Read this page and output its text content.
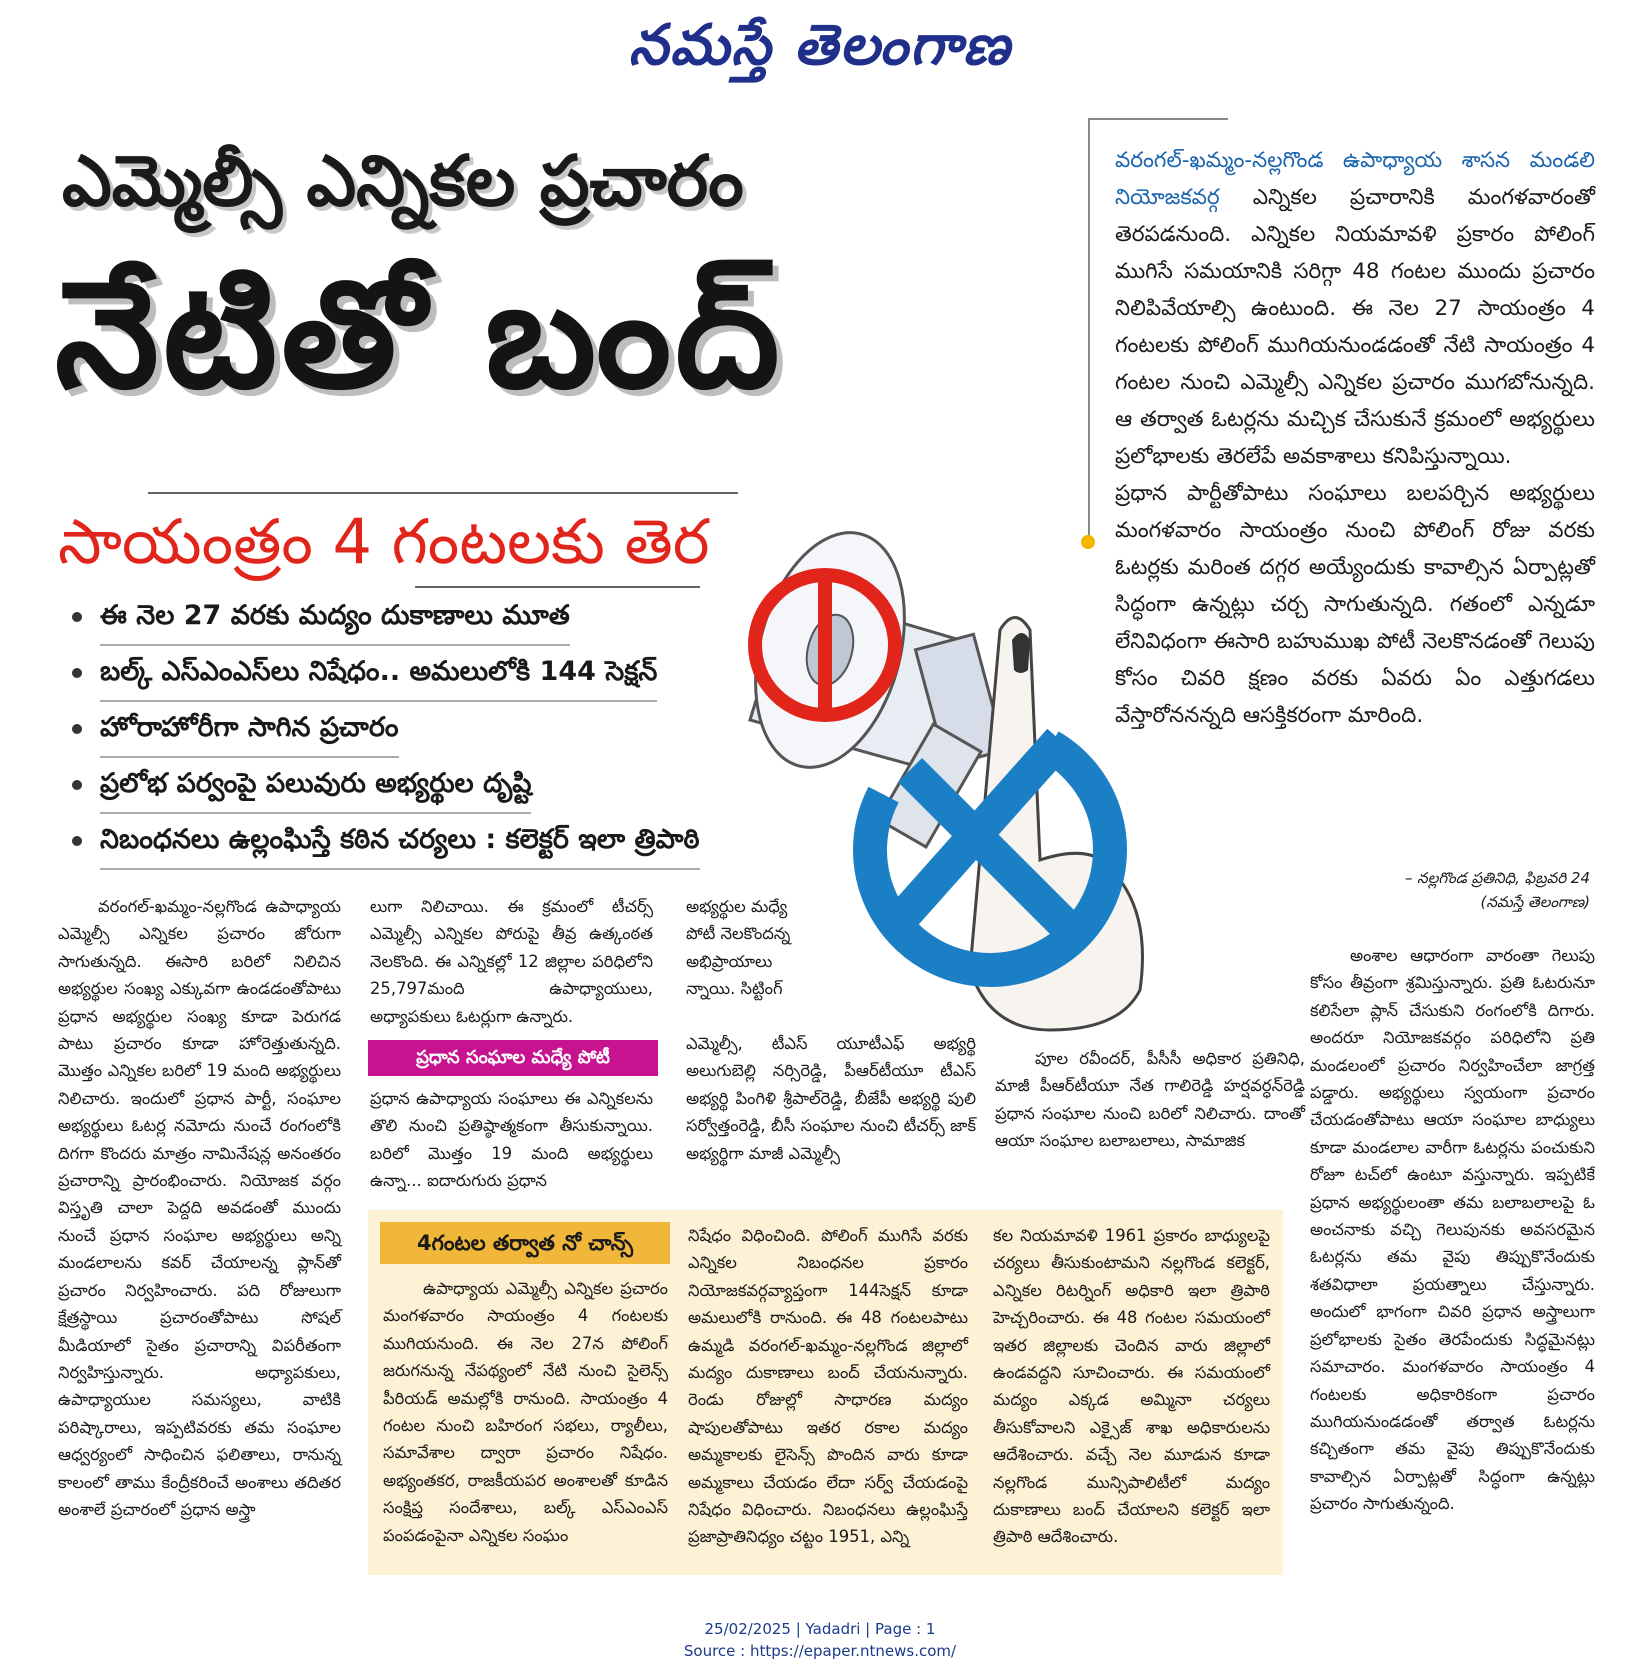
నమస్తే తెలంగాణ
ఎమ్మెల్సీ ఎన్నికల ప్రచారం
నేటితో బంద్
సాయంత్రం 4 గంటలకు తెర
ఈ నెల 27 వరకు మద్యం దుకాణాలు మూత
బల్క్ ఎస్ఎంఎస్‌లు నిషేధం.. అమలులోకి 144 సెక్షన్
హోరాహోరీగా సాగిన ప్రచారం
ప్రలోభ పర్వంపై పలువురు అభ్యర్థుల దృష్టి
నిబంధనలు ఉల్లంఘిస్తే కఠిన చర్యలు : కలెక్టర్ ఇలా త్రిపాఠి
వరంగల్-ఖమ్మం-నల్లగొండ ఉపాధ్యాయ శాసన మండలి నియోజకవర్గ ఎన్నికల ప్రచారానికి మంగళవారంతో తెరపడనుంది. ఎన్నికల నియమావళి ప్రకారం పోలింగ్ ముగిసే సమయానికి సరిగ్గా 48 గంటల ముందు ప్రచారం నిలిపివేయాల్సి ఉంటుంది. ఈ నెల 27 సాయంత్రం 4 గంటలకు పోలింగ్ ముగియనుండడంతో నేటి సాయంత్రం 4 గంటల నుంచి ఎమ్మెల్సీ ఎన్నికల ప్రచారం ముగబోనున్నది. ఆ తర్వాత ఓటర్లను మచ్చిక చేసుకునే క్రమంలో అభ్యర్థులు ప్రలోభాలకు తెరలేపే అవకాశాలు కనిపిస్తున్నాయి.
ప్రధాన పార్టీతోపాటు సంఘాలు బలపర్చిన అభ్యర్థులు మంగళవారం సాయంత్రం నుంచి పోలింగ్ రోజు వరకు ఓటర్లకు మరింత దగ్గర అయ్యేందుకు కావాల్సిన ఏర్పాట్లతో సిద్ధంగా ఉన్నట్లు చర్చ సాగుతున్నది. గతంలో ఎన్నడూ లేనివిధంగా ఈసారి బహుముఖ పోటీ నెలకొనడంతో గెలుపు కోసం చివరి క్షణం వరకు ఏవరు ఏం ఎత్తుగడలు వేస్తారోననన్నది ఆసక్తికరంగా మారింది.
– నల్లగొండ ప్రతినిధి, ఫిబ్రవరి 24
(నమస్తే తెలంగాణ)

వరంగల్-ఖమ్మం-నల్లగొండ ఉపాధ్యాయ ఎమ్మెల్సీ ఎన్నికల ప్రచారం జోరుగా సాగుతున్నది. ఈసారి బరిలో నిలిచిన అభ్యర్థుల సంఖ్య ఎక్కువగా ఉండడంతోపాటు ప్రధాన అభ్యర్థుల సంఖ్య కూడా పెరుగడ పాటు ప్రచారం కూడా హోరెత్తుతున్నది. మొత్తం ఎన్నికల బరిలో 19 మంది అభ్యర్థులు నిలిచారు. ఇందులో ప్రధాన పార్టీ, సంఘాల అభ్యర్థులు ఓటర్ల నమోదు నుంచే రంగంలోకి దిగగా కొందరు మాత్రం నామినేషన్ల అనంతరం ప్రచారాన్ని ప్రారంభించారు. నియోజక వర్గం విస్తృతి చాలా పెద్దది అవడంతో ముందు నుంచే ప్రధాన సంఘాల అభ్యర్థులు అన్ని మండలాలను కవర్ చేయాలన్న ప్లాన్‌తో ప్రచారం నిర్వహించారు. పది రోజులుగా క్షేత్రస్థాయి ప్రచారంతోపాటు సోషల్ మీడియాలో సైతం ప్రచారాన్ని విపరీతంగా నిర్వహిస్తున్నారు. అధ్యాపకులు, ఉపాధ్యాయుల సమస్యలు, వాటికి పరిష్కారాలు, ఇప్పటివరకు తమ సంఘాల ఆధ్వర్యంలో సాధించిన ఫలితాలు, రానున్న కాలంలో తాము కేంద్రీకరించే అంశాలు తదితర అంశాలే ప్రచారంలో ప్రధాన అస్త్రా

లుగా నిలిచాయి. ఈ క్రమంలో టీచర్స్ ఎమ్మెల్సీ ఎన్నికల పోరుపై తీవ్ర ఉత్కంఠత నెలకొంది. ఈ ఎన్నికల్లో 12 జిల్లాల పరిధిలోని 25,797మంది ఉపాధ్యాయులు, అధ్యాపకులు ఓటర్లుగా ఉన్నారు.

ప్రధాన సంఘాల మధ్యే పోటీ

ప్రధాన ఉపాధ్యాయ సంఘాలు ఈ ఎన్నికలను తొలి నుంచి ప్రతిష్ఠాత్మకంగా తీసుకున్నాయి. బరిలో మొత్తం 19 మంది అభ్యర్థులు ఉన్నా... ఐదారుగురు ప్రధాన

అభ్యర్థుల మధ్యే పోటీ నెలకొందన్న అభిప్రాయాలు న్నాయి. సిట్టింగ్

ఎమ్మెల్సీ, టీఎస్ యూటీఎఫ్ అభ్యర్థి అలుగుబెల్లి నర్సిరెడ్డి, పీఆర్‌టీయూ టీఎస్ అభ్యర్థి పింగిళి శ్రీపాల్‌రెడ్డి, బీజేపీ అభ్యర్థి పులి సర్వోత్తంరెడ్డి, బీసీ సంఘాల నుంచి టీచర్స్ జాక్ అభ్యర్థిగా మాజీ ఎమ్మెల్సీ

పూల రవీందర్, పీసీసీ అధికార ప్రతినిధి, మాజీ పీఆర్‌టీయూ నేత గాలిరెడ్డి హర్షవర్ధన్‌రెడ్డి ప్రధాన సంఘాల నుంచి బరిలో నిలిచారు. దాంతో ఆయా సంఘాల బలాబలాలు, సామాజిక

అంశాల ఆధారంగా వారంతా గెలుపు కోసం తీవ్రంగా శ్రమిస్తున్నారు. ప్రతి ఓటరునూ కలిసేలా ప్లాన్ చేసుకుని రంగంలోకి దిగారు. అందరూ నియోజకవర్గం పరిధిలోని ప్రతి మండలంలో ప్రచారం నిర్వహించేలా జాగ్రత్త పడ్డారు. అభ్యర్థులు స్వయంగా ప్రచారం చేయడంతోపాటు ఆయా సంఘాల బాధ్యులు కూడా మండలాల వారీగా ఓటర్లను పంచుకుని రోజూ టచ్‌లో ఉంటూ వస్తున్నారు. ఇప్పటికే ప్రధాన అభ్యర్థులంతా తమ బలాబలాలపై ఓ అంచనాకు వచ్చి గెలుపునకు అవసరమైన ఓటర్లను తమ వైపు తిప్పుకొనేందుకు శతవిధాలా ప్రయత్నాలు చేస్తున్నారు. అందులో భాగంగా చివరి ప్రధాన అస్త్రాలుగా ప్రలోభాలకు సైతం తెరపేందుకు సిద్ధమైనట్లు సమాచారం. మంగళవారం సాయంత్రం 4 గంటలకు అధికారికంగా ప్రచారం ముగియనుండడంతో తర్వాత ఓటర్లను కచ్చితంగా తమ వైపు తిప్పుకొనేందుకు కావాల్సిన ఏర్పాట్లతో సిద్ధంగా ఉన్నట్లు ప్రచారం సాగుతున్నంది.

4గంటల తర్వాత నో చాన్స్

ఉపాధ్యాయ ఎమ్మెల్సీ ఎన్నికల ప్రచారం మంగళవారం సాయంత్రం 4 గంటలకు ముగియనుంది. ఈ నెల 27న పోలింగ్ జరుగనున్న నేపథ్యంలో నేటి నుంచి సైలెన్స్ పీరియడ్ అమల్లోకి రానుంది. సాయంత్రం 4 గంటల నుంచి బహిరంగ సభలు, ర్యాలీలు, సమావేశాల ద్వారా ప్రచారం నిషేధం. అభ్యంతకర, రాజకీయపర అంశాలతో కూడిన సంక్షిప్త సందేశాలు, బల్క్ ఎస్ఎంఎస్ పంపడంపైనా ఎన్నికల సంఘం

నిషేధం విధించింది. పోలింగ్ ముగిసే వరకు ఎన్నికల నిబంధనల ప్రకారం నియోజకవర్గవ్యాప్తంగా 144సెక్షన్ కూడా అమలులోకి రానుంది. ఈ 48 గంటలపాటు ఉమ్మడి వరంగల్-ఖమ్మం-నల్లగొండ జిల్లాలో మద్యం దుకాణాలు బంద్ చేయనున్నారు. రెండు రోజుల్లో సాధారణ మద్యం షాపులతోపాటు ఇతర రకాల మద్యం అమ్మకాలకు లైసెన్స్ పొందిన వారు కూడా అమ్మకాలు చేయడం లేదా సర్వ్ చేయడంపై నిషేధం విధించారు. నిబంధనలు ఉల్లంఘిస్తే ప్రజాప్రాతినిధ్యం చట్టం 1951, ఎన్ని

కల నియమావళి 1961 ప్రకారం బాధ్యులపై చర్యలు తీసుకుంటామని నల్లగొండ కలెక్టర్, ఎన్నికల రిటర్నింగ్ అధికారి ఇలా త్రిపాఠి హెచ్చరించారు. ఈ 48 గంటల సమయంలో ఇతర జిల్లాలకు చెందిన వారు జిల్లాలో ఉండవద్దని సూచించారు. ఈ సమయంలో మద్యం ఎక్కడ అమ్మినా చర్యలు తీసుకోవాలని ఎక్సైజ్ శాఖ అధికారులను ఆదేశించారు. వచ్చే నెల మూడున కూడా నల్లగొండ మున్సిపాలిటీలో మద్యం దుకాణాలు బంద్ చేయాలని కలెక్టర్ ఇలా త్రిపాఠి ఆదేశించారు.

25/02/2025 | Yadadri | Page : 1
Source : https://epaper.ntnews.com/
